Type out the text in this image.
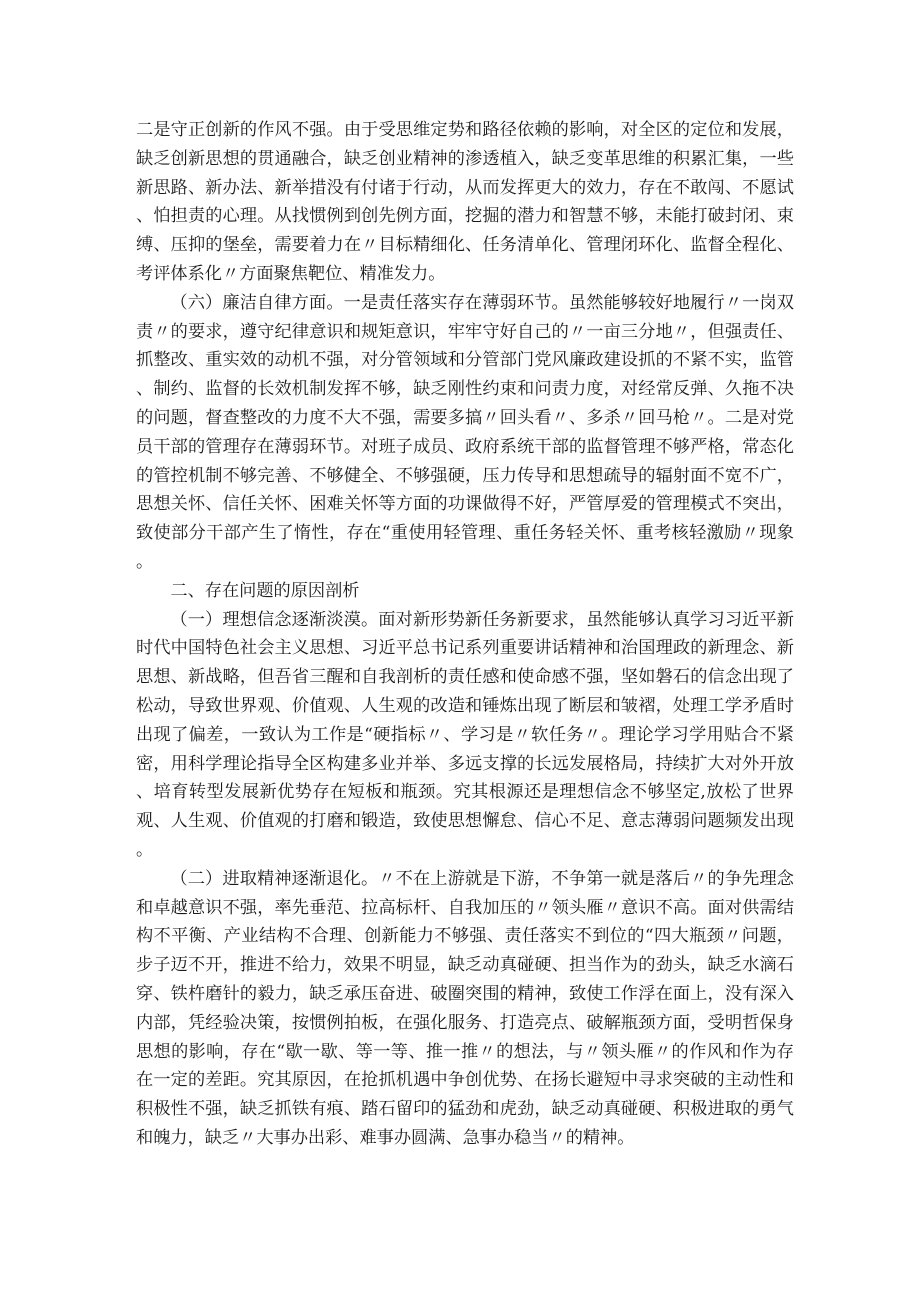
二是守正创新的作风不强。由于受思维定势和路径依赖的影响，对全区的定位和发展，缺乏创新思想的贯通融合，缺乏创业精神的渗透植入，缺乏变革思维的积累汇集，一些新思路、新办法、新举措没有付诸于行动，从而发挥更大的效力，存在不敢闯、不愿试、怕担责的心理。从找惯例到创先例方面，挖掘的潜力和智慧不够，未能打破封闭、束缚、压抑的堡垒，需要着力在〃目标精细化、任务清单化、管理闭环化、监督全程化、考评体系化〃方面聚焦靶位、精准发力。

（六）廉洁自律方面。一是责任落实存在薄弱环节。虽然能够较好地履行〃一岗双责〃的要求，遵守纪律意识和规矩意识，牢牢守好自己的〃一亩三分地〃，但强责任、抓整改、重实效的动机不强，对分管领域和分管部门党风廉政建设抓的不紧不实，监管、制约、监督的长效机制发挥不够，缺乏刚性约束和问责力度，对经常反弹、久拖不决的问题，督查整改的力度不大不强，需要多搞〃回头看〃、多杀〃回马枪〃。二是对党员干部的管理存在薄弱环节。对班子成员、政府系统干部的监督管理不够严格，常态化的管控机制不够完善、不够健全、不够强硬，压力传导和思想疏导的辐射面不宽不广，思想关怀、信任关怀、困难关怀等方面的功课做得不好，严管厚爱的管理模式不突出，致使部分干部产生了惰性，存在“重使用轻管理、重任务轻关怀、重考核轻激励〃现象。

二、存在问题的原因剖析

（一）理想信念逐渐淡漠。面对新形势新任务新要求，虽然能够认真学习习近平新时代中国特色社会主义思想、习近平总书记系列重要讲话精神和治国理政的新理念、新思想、新战略，但吾省三醒和自我剖析的责任感和使命感不强，坚如磐石的信念出现了松动，导致世界观、价值观、人生观的改造和锤炼出现了断层和皱褶，处理工学矛盾时出现了偏差，一致认为工作是“硬指标〃、学习是〃软任务〃。理论学习学用贴合不紧密，用科学理论指导全区构建多业并举、多远支撑的长远发展格局，持续扩大对外开放、培育转型发展新优势存在短板和瓶颈。究其根源还是理想信念不够坚定,放松了世界观、人生观、价值观的打磨和锻造，致使思想懈怠、信心不足、意志薄弱问题频发出现。

（二）进取精神逐渐退化。〃不在上游就是下游，不争第一就是落后〃的争先理念和卓越意识不强，率先垂范、拉高标杆、自我加压的〃领头雁〃意识不高。面对供需结构不平衡、产业结构不合理、创新能力不够强、责任落实不到位的“四大瓶颈〃问题，步子迈不开，推进不给力，效果不明显，缺乏动真碰硬、担当作为的劲头，缺乏水滴石穿、铁杵磨针的毅力，缺乏承压奋进、破圈突围的精神，致使工作浮在面上，没有深入内部，凭经验决策，按惯例拍板，在强化服务、打造亮点、破解瓶颈方面，受明哲保身思想的影响，存在“歇一歇、等一等、推一推〃的想法，与〃领头雁〃的作风和作为存在一定的差距。究其原因，在抢抓机遇中争创优势、在扬长避短中寻求突破的主动性和积极性不强，缺乏抓铁有痕、踏石留印的猛劲和虎劲，缺乏动真碰硬、积极进取的勇气和魄力，缺乏〃大事办出彩、难事办圆满、急事办稳当〃的精神。
